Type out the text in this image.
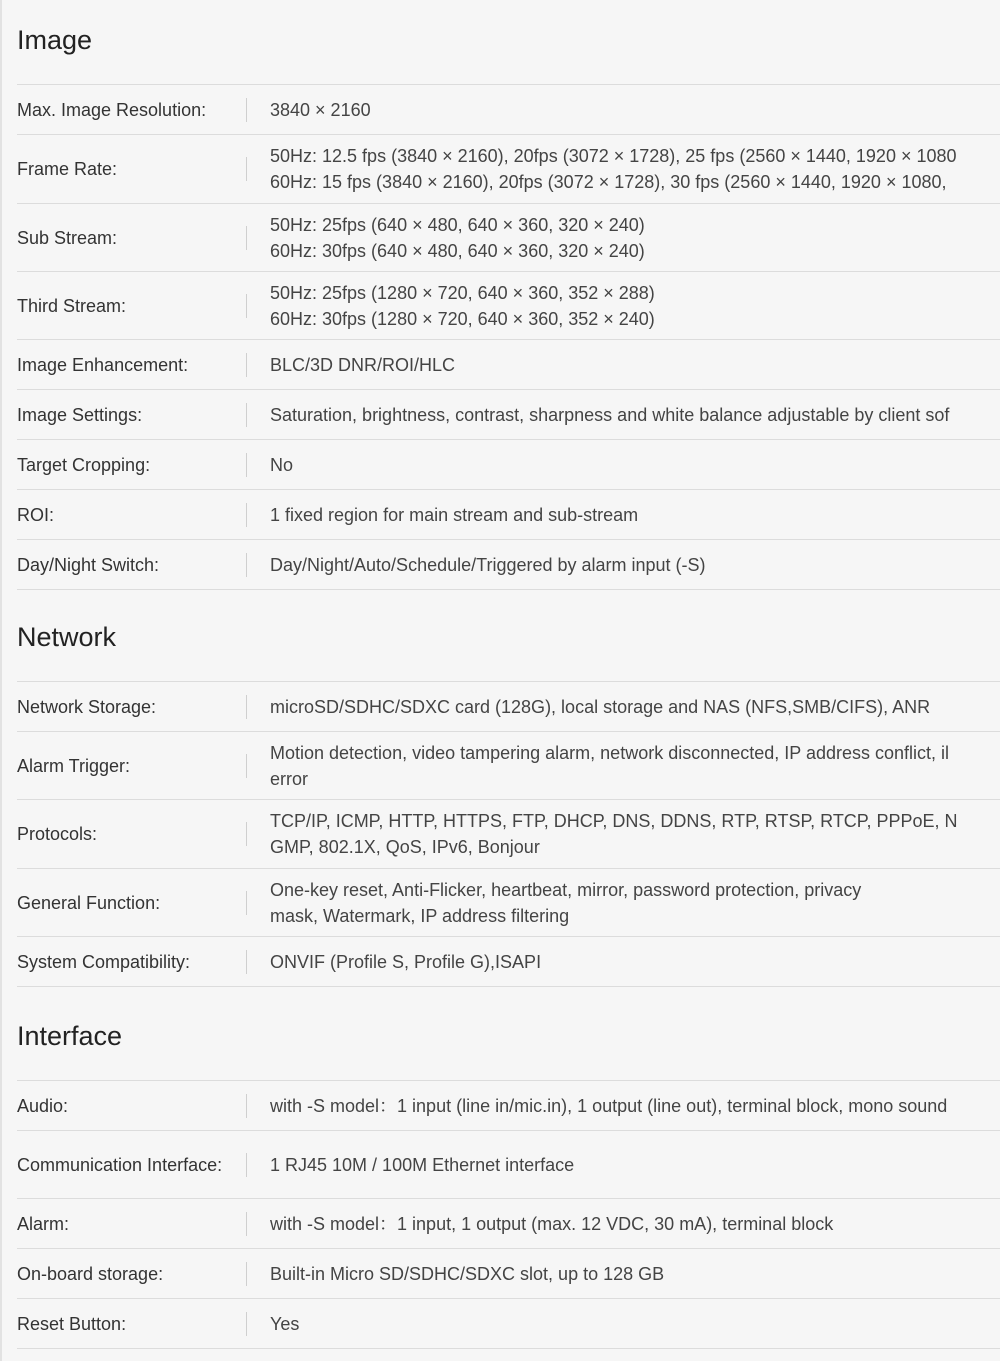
Image
Max. Image Resolution:	3840 × 2160
Frame Rate:
50Hz: 12.5 fps (3840 × 2160), 20fps (3072 × 1728), 25 fps (2560 × 1440, 1920 × 1080
60Hz: 15 fps (3840 × 2160), 20fps (3072 × 1728), 30 fps (2560 × 1440, 1920 × 1080,
Sub Stream:
50Hz: 25fps (640 × 480, 640 × 360, 320 × 240)
60Hz: 30fps (640 × 480, 640 × 360, 320 × 240)
Third Stream:
50Hz: 25fps (1280 × 720, 640 × 360, 352 × 288)
60Hz: 30fps (1280 × 720, 640 × 360, 352 × 240)
Image Enhancement:	BLC/3D DNR/ROI/HLC
Image Settings:	Saturation, brightness, contrast, sharpness and white balance adjustable by client sof
Target Cropping:	No
ROI:	1 fixed region for main stream and sub-stream
Day/Night Switch:	Day/Night/Auto/Schedule/Triggered by alarm input (-S)
Network
Network Storage:	microSD/SDHC/SDXC card (128G), local storage and NAS (NFS,SMB/CIFS), ANR
Alarm Trigger:
Motion detection, video tampering alarm, network disconnected, IP address conflict, il
error
Protocols:
TCP/IP, ICMP, HTTP, HTTPS, FTP, DHCP, DNS, DDNS, RTP, RTSP, RTCP, PPPoE, N
GMP, 802.1X, QoS, IPv6, Bonjour
General Function:
One-key reset, Anti-Flicker, heartbeat, mirror, password protection, privacy
mask, Watermark, IP address filtering
System Compatibility:	ONVIF (Profile S, Profile G),ISAPI
Interface
Audio:	with -S model：1 input (line in/mic.in), 1 output (line out), terminal block, mono sound
Communication Interface:	1 RJ45 10M / 100M Ethernet interface
Alarm:	with -S model：1 input, 1 output (max. 12 VDC, 30 mA), terminal block
On-board storage:	Built-in Micro SD/SDHC/SDXC slot, up to 128 GB
Reset Button:	Yes
